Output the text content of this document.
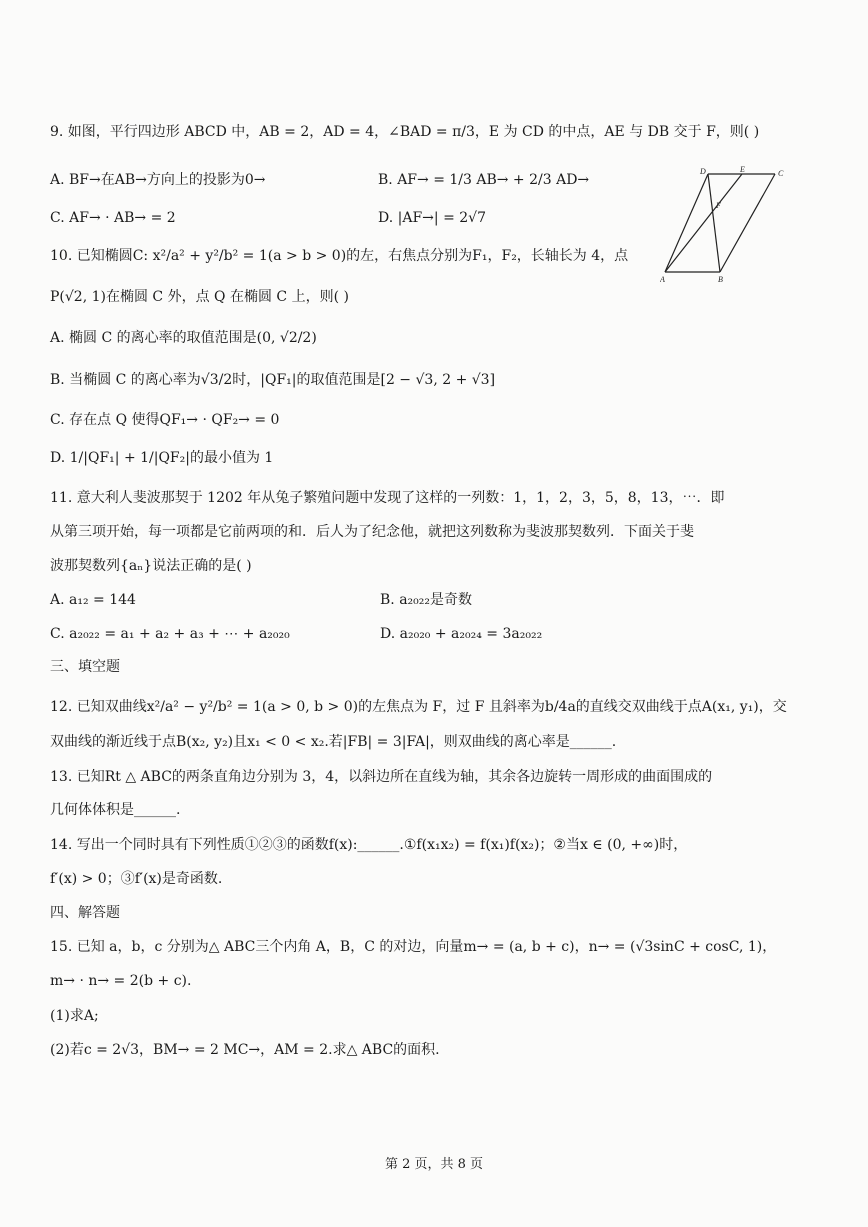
9. 如图，平行四边形 ABCD 中，AB = 2，AD = 4，∠BAD = π/3，E 为 CD 的中点，AE 与 DB 交于 F，则( )
A. BF→在AB→方向上的投影为0→	B. AF→ = 1/3 AB→ + 2/3 AD→
C. AF→ · AB→ = 2	D. |AF→| = 2√7
10. 已知椭圆C: x²/a² + y²/b² = 1(a > b > 0)的左，右焦点分别为F₁，F₂，长轴长为 4，点
P(√2, 1)在椭圆 C 外，点 Q 在椭圆 C 上，则( )
A. 椭圆 C 的离心率的取值范围是(0, √2/2)
B. 当椭圆 C 的离心率为√3/2时，|QF₁|的取值范围是[2 − √3, 2 + √3]
C. 存在点 Q 使得QF₁→ · QF₂→ = 0
D. 1/|QF₁| + 1/|QF₂|的最小值为 1
11. 意大利人斐波那契于 1202 年从兔子繁殖问题中发现了这样的一列数：1，1，2，3，5，8，13，⋯．即
从第三项开始，每一项都是它前两项的和．后人为了纪念他，就把这列数称为斐波那契数列．下面关于斐
波那契数列{aₙ}说法正确的是( )
A. a₁₂ = 144	B. a₂₀₂₂是奇数
C. a₂₀₂₂ = a₁ + a₂ + a₃ + ⋯ + a₂₀₂₀	D. a₂₀₂₀ + a₂₀₂₄ = 3a₂₀₂₂
三、填空题
12. 已知双曲线x²/a² − y²/b² = 1(a > 0, b > 0)的左焦点为 F，过 F 且斜率为b/4a的直线交双曲线于点A(x₁, y₁)，交
双曲线的渐近线于点B(x₂, y₂)且x₁ < 0 < x₂.若|FB| = 3|FA|，则双曲线的离心率是______.
13. 已知Rt △ ABC的两条直角边分别为 3，4，以斜边所在直线为轴，其余各边旋转一周形成的曲面围成的
几何体体积是______.
14. 写出一个同时具有下列性质①②③的函数f(x):______.①f(x₁x₂) = f(x₁)f(x₂)；②当x ∈ (0, +∞)时，
f′(x) > 0；③f′(x)是奇函数.
四、解答题
15. 已知 a，b，c 分别为△ ABC三个内角 A，B，C 的对边，向量m→ = (a, b + c)，n→ = (√3sinC + cosC, 1)，
m→ · n→ = 2(b + c).
(1)求A;
(2)若c = 2√3，BM→ = 2 MC→，AM = 2.求△ ABC的面积.
A	B
C
D	E
F
第 2 页，共 8 页
